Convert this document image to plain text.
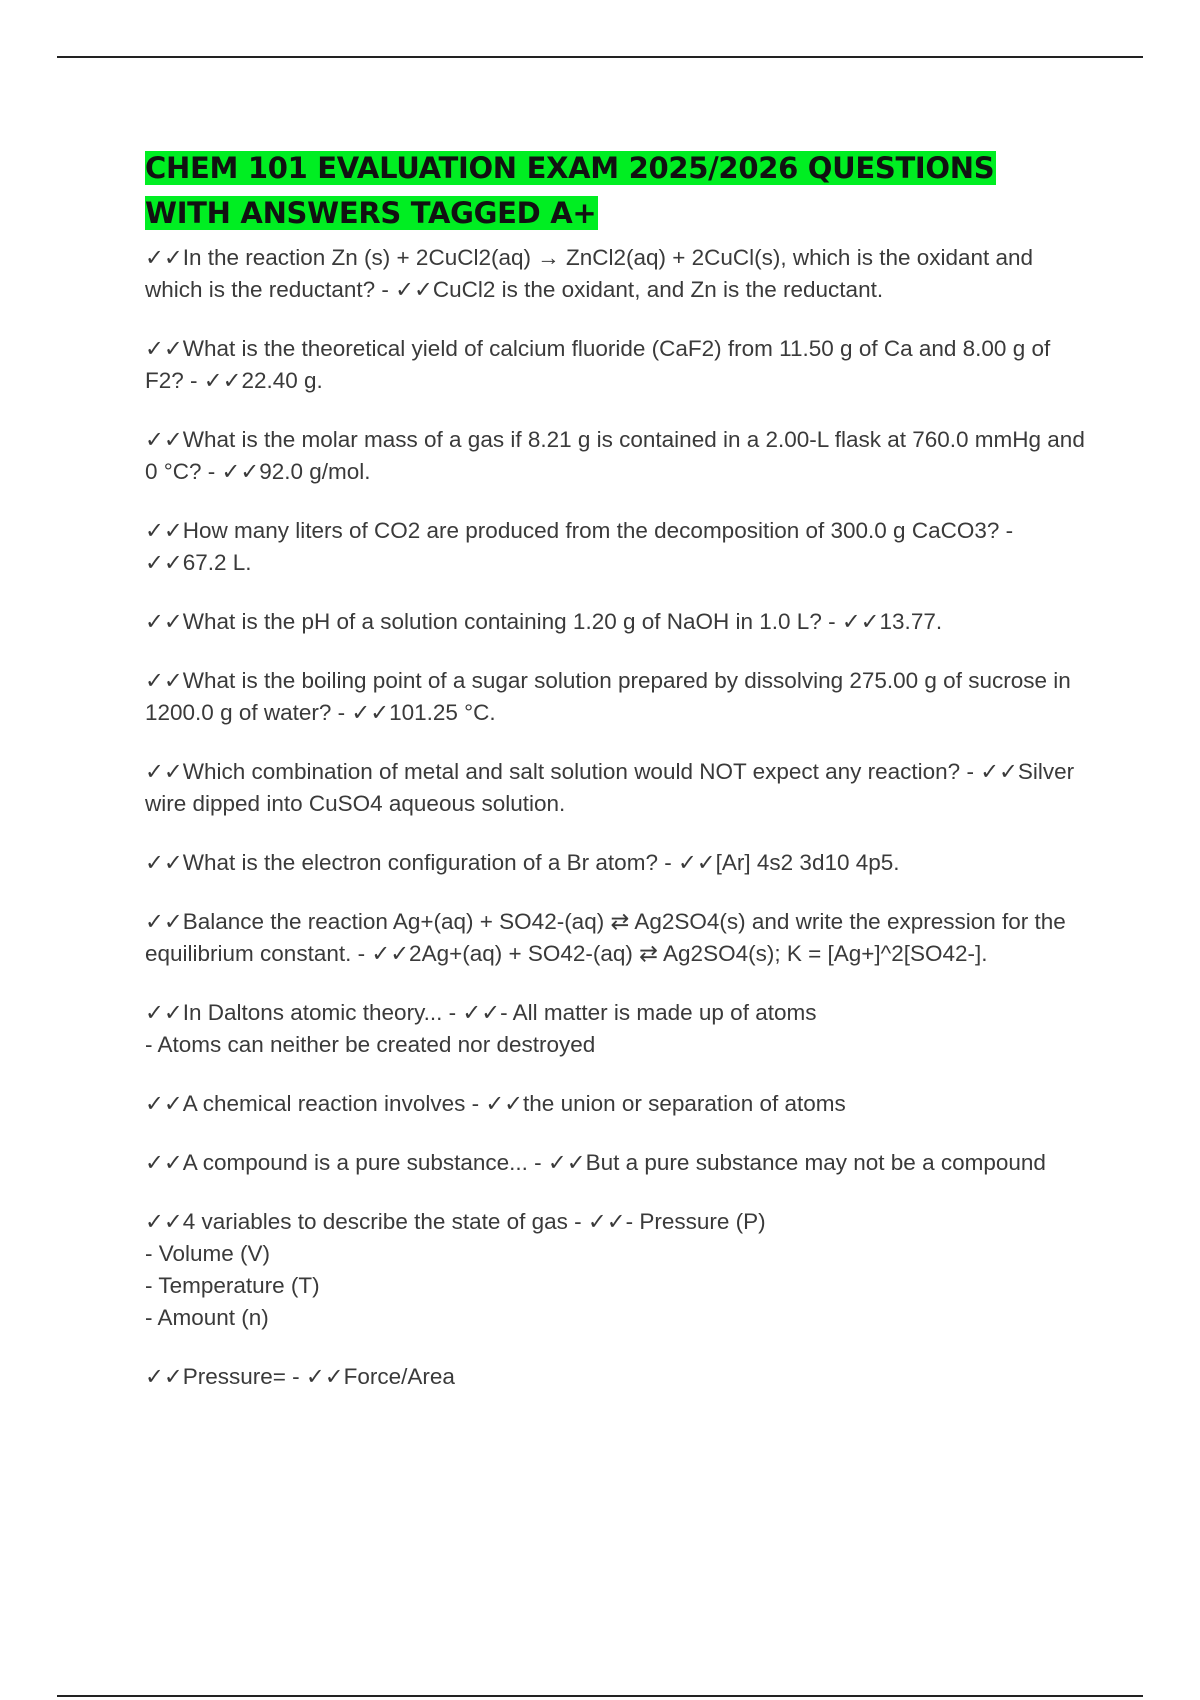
CHEM 101 EVALUATION EXAM 2025/2026 QUESTIONS WITH ANSWERS TAGGED A+
✓✓In the reaction Zn (s) + 2CuCl2(aq) → ZnCl2(aq) + 2CuCl(s), which is the oxidant and which is the reductant? - ✓✓CuCl2 is the oxidant, and Zn is the reductant.
✓✓What is the theoretical yield of calcium fluoride (CaF2) from 11.50 g of Ca and 8.00 g of F2? - ✓✓22.40 g.
✓✓What is the molar mass of a gas if 8.21 g is contained in a 2.00-L flask at 760.0 mmHg and 0 °C? - ✓✓92.0 g/mol.
✓✓How many liters of CO2 are produced from the decomposition of 300.0 g CaCO3? - ✓✓67.2 L.
✓✓What is the pH of a solution containing 1.20 g of NaOH in 1.0 L? - ✓✓13.77.
✓✓What is the boiling point of a sugar solution prepared by dissolving 275.00 g of sucrose in 1200.0 g of water? - ✓✓101.25 °C.
✓✓Which combination of metal and salt solution would NOT expect any reaction? - ✓✓Silver wire dipped into CuSO4 aqueous solution.
✓✓What is the electron configuration of a Br atom? - ✓✓[Ar] 4s2 3d10 4p5.
✓✓Balance the reaction Ag+(aq) + SO42-(aq) ⇄ Ag2SO4(s) and write the expression for the equilibrium constant. - ✓✓2Ag+(aq) + SO42-(aq) ⇄ Ag2SO4(s); K = [Ag+]^2[SO42-].
✓✓In Daltons atomic theory... - ✓✓- All matter is made up of atoms
- Atoms can neither be created nor destroyed
✓✓A chemical reaction involves - ✓✓the union or separation of atoms
✓✓A compound is a pure substance... - ✓✓But a pure substance may not be a compound
✓✓4 variables to describe the state of gas - ✓✓- Pressure (P)
- Volume (V)
- Temperature (T)
- Amount (n)
✓✓Pressure= - ✓✓Force/Area
